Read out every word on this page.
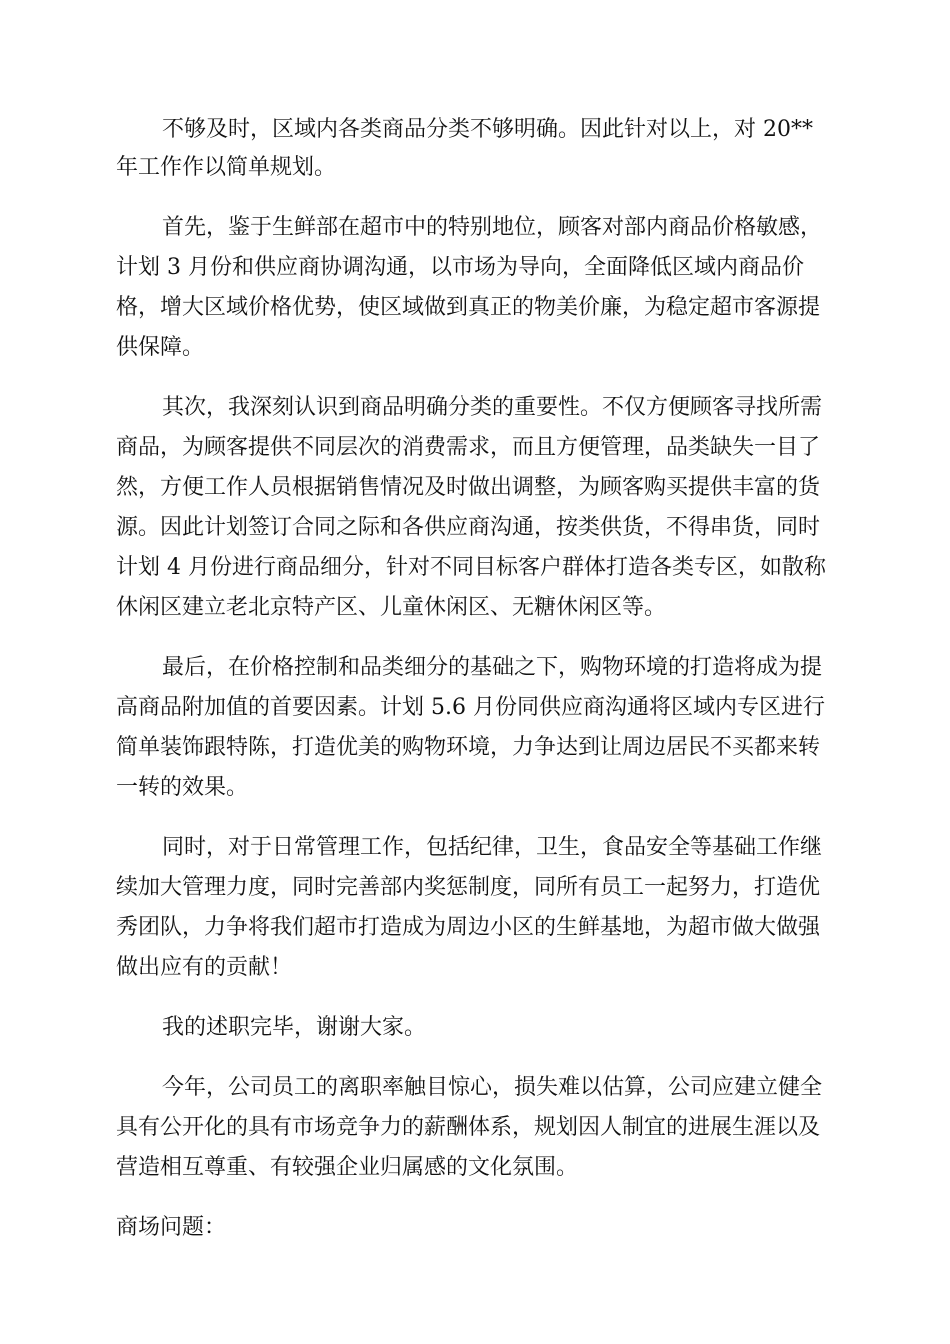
不够及时，区域内各类商品分类不够明确。因此针对以上，对 20**
年工作作以简单规划。
首先，鉴于生鲜部在超市中的特别地位，顾客对部内商品价格敏感，
计划 3 月份和供应商协调沟通，以市场为导向，全面降低区域内商品价
格，增大区域价格优势，使区域做到真正的物美价廉，为稳定超市客源提
供保障。
其次，我深刻认识到商品明确分类的重要性。不仅方便顾客寻找所需
商品，为顾客提供不同层次的消费需求，而且方便管理，品类缺失一目了
然，方便工作人员根据销售情况及时做出调整，为顾客购买提供丰富的货
源。因此计划签订合同之际和各供应商沟通，按类供货，不得串货，同时
计划 4 月份进行商品细分，针对不同目标客户群体打造各类专区，如散称
休闲区建立老北京特产区、儿童休闲区、无糖休闲区等。
最后，在价格控制和品类细分的基础之下，购物环境的打造将成为提
高商品附加值的首要因素。计划 5.6 月份同供应商沟通将区域内专区进行
简单装饰跟特陈，打造优美的购物环境，力争达到让周边居民不买都来转
一转的效果。
同时，对于日常管理工作，包括纪律，卫生，食品安全等基础工作继
续加大管理力度，同时完善部内奖惩制度，同所有员工一起努力，打造优
秀团队，力争将我们超市打造成为周边小区的生鲜基地，为超市做大做强
做出应有的贡献！
我的述职完毕，谢谢大家。
今年，公司员工的离职率触目惊心，损失难以估算，公司应建立健全
具有公开化的具有市场竞争力的薪酬体系，规划因人制宜的进展生涯以及
营造相互尊重、有较强企业归属感的文化氛围。
商场问题：
